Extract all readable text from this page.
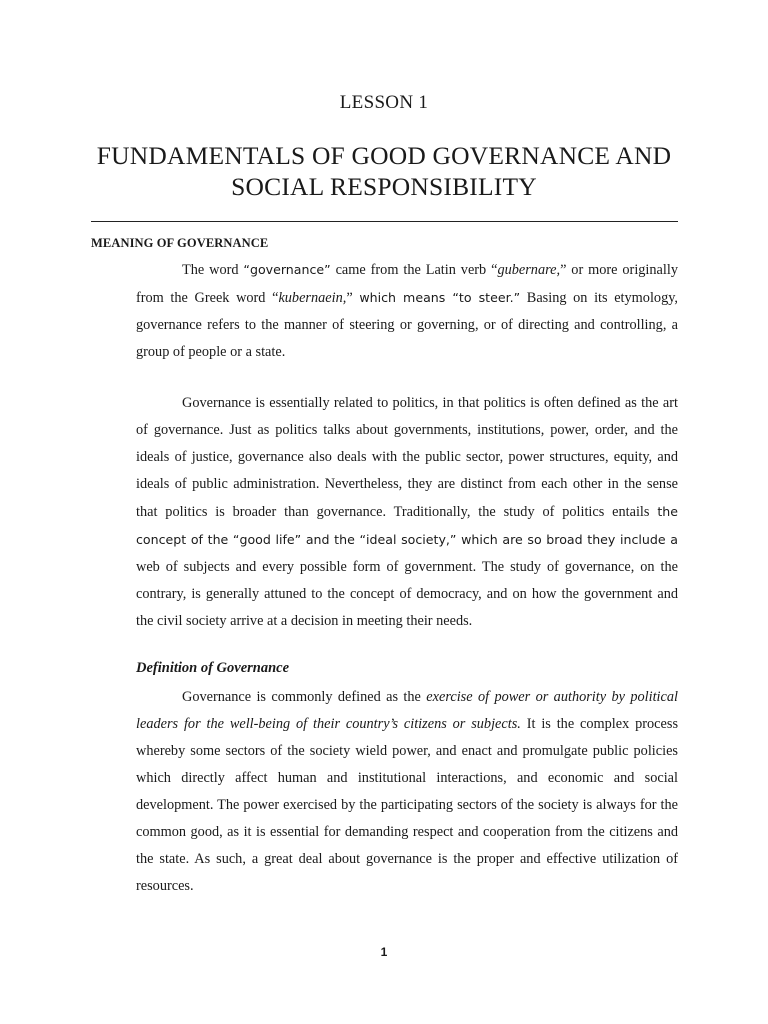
LESSON 1
FUNDAMENTALS OF GOOD GOVERNANCE AND
SOCIAL RESPONSIBILITY
MEANING OF GOVERNANCE

The word “governance” came from the Latin verb “gubernare,” or more originally from the Greek word “kubernaein,” which means “to steer.” Basing on its etymology, governance refers to the manner of steering or governing, or of directing and controlling, a group of people or a state.

Governance is essentially related to politics, in that politics is often defined as the art of governance. Just as politics talks about governments, institutions, power, order, and the ideals of justice, governance also deals with the public sector, power structures, equity, and ideals of public administration. Nevertheless, they are distinct from each other in the sense that politics is broader than governance. Traditionally, the study of politics entails the concept of the “good life” and the “ideal society,” which are so broad they include a web of subjects and every possible form of government. The study of governance, on the contrary, is generally attuned to the concept of democracy, and on how the government and the civil society arrive at a decision in meeting their needs.

Definition of Governance

Governance is commonly defined as the exercise of power or authority by political leaders for the well-being of their country’s citizens or subjects. It is the complex process whereby some sectors of the society wield power, and enact and promulgate public policies which directly affect human and institutional interactions, and economic and social development. The power exercised by the participating sectors of the society is always for the common good, as it is essential for demanding respect and cooperation from the citizens and the state. As such, a great deal about governance is the proper and effective utilization of resources.

1
